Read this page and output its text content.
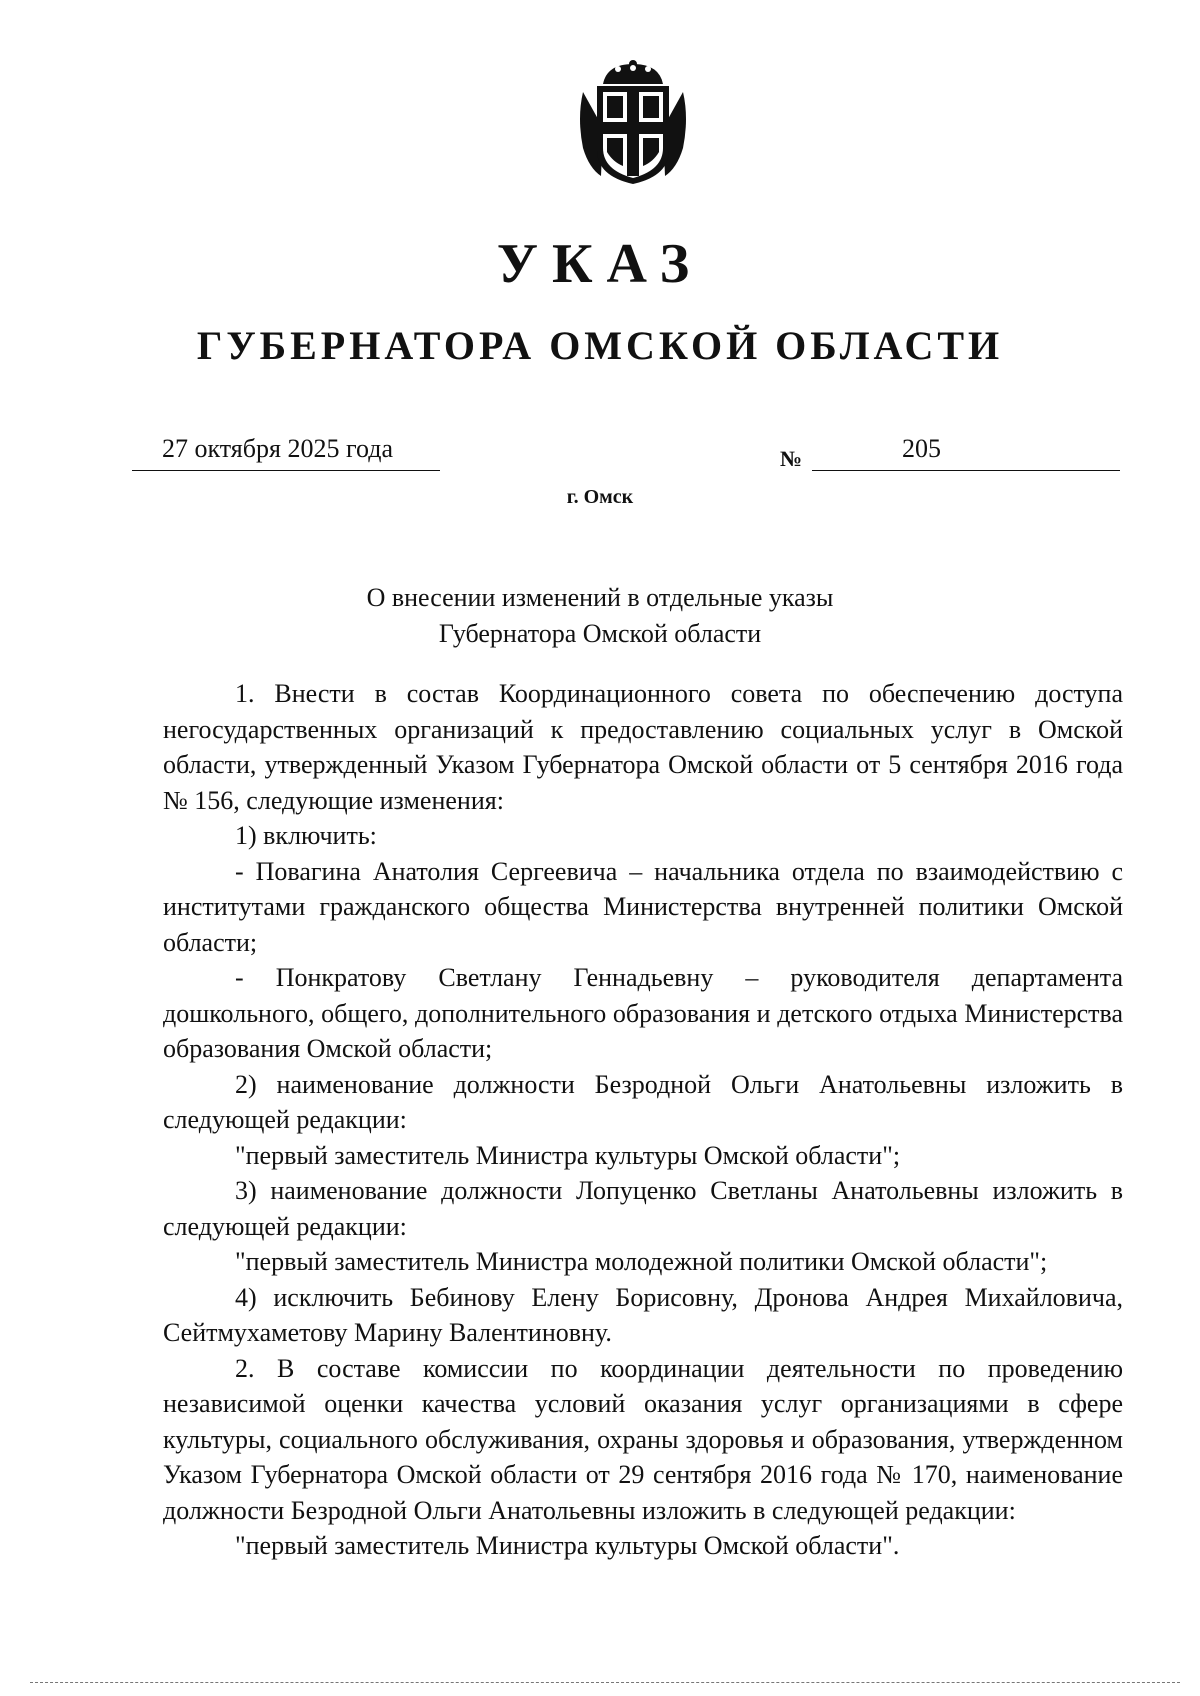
УКАЗ
ГУБЕРНАТОРА ОМСКОЙ ОБЛАСТИ
27 октября 2025 года	№	205
г. Омск
О внесении изменений в отдельные указы
Губернатора Омской области

1. Внести в состав Координационного совета по обеспечению доступа негосударственных организаций к предоставлению социальных услуг в Омской области, утвержденный Указом Губернатора Омской области от 5 сентября 2016 года № 156, следующие изменения:

1) включить:

- Повагина Анатолия Сергеевича – начальника отдела по взаимодействию с институтами гражданского общества Министерства внутренней политики Омской области;

- Понкратову Светлану Геннадьевну – руководителя департамента дошкольного, общего, дополнительного образования и детского отдыха Министерства образования Омской области;

2) наименование должности Безродной Ольги Анатольевны изложить в следующей редакции:

"первый заместитель Министра культуры Омской области";

3) наименование должности Лопуценко Светланы Анатольевны изложить в следующей редакции:

"первый заместитель Министра молодежной политики Омской области";

4) исключить Бебинову Елену Борисовну, Дронова Андрея Михайловича, Сейтмухаметову Марину Валентиновну.

2. В составе комиссии по координации деятельности по проведению независимой оценки качества условий оказания услуг организациями в сфере культуры, социального обслуживания, охраны здоровья и образования, утвержденном Указом Губернатора Омской области от 29 сентября 2016 года № 170, наименование должности Безродной Ольги Анатольевны изложить в следующей редакции:

"первый заместитель Министра культуры Омской области".
